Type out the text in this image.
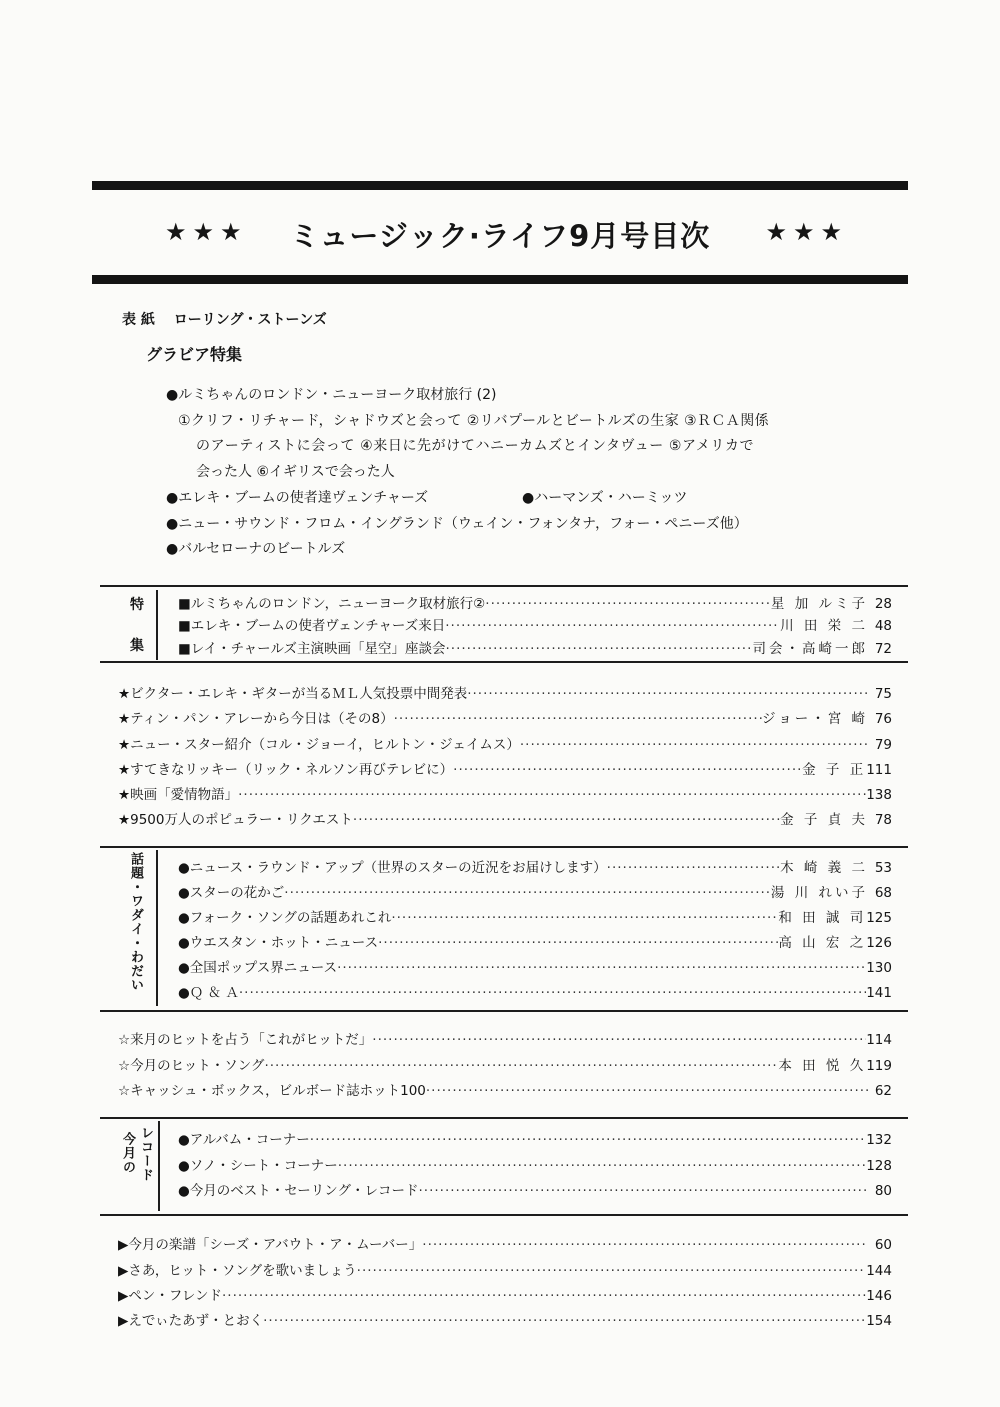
★★★ ミュージック·ライフ9月号目次 ★★★
表 紙 ローリング・ストーンズ
グラビア特集
●ルミちゃんのロンドン・ニューヨーク取材旅行 (2)
①クリフ・リチャード，シャドウズと会って ②リバプールとビートルズの生家 ③ＲＣＡ関係
のアーティストに会って ④来日に先がけてハニーカムズとインタヴュー ⑤アメリカで
会った人 ⑥イギリスで会った人
●エレキ・ブームの使者達ヴェンチャーズ	●ハーマンズ・ハーミッツ
●ニュー・サウンド・フロム・イングランド（ウェイン・フォンタナ，フォー・ペニーズ他）
●バルセローナのビートルズ
特
集
■ルミちゃんのロンドン，ニューヨーク取材旅行② ·····	星 加 ルミ子 28
■エレキ・ブームの使者ヴェンチャーズ来日 ·····	川 田 栄 二 48
■レイ・チャールズ主演映画「星空」座談会 ·····	司会・高崎一郎 72
★ビクター・エレキ・ギターが当るＭＬ人気投票中間発表 ·····	75
★ティン・パン・アレーから今日は（その8） ·····	ジョー・宮 崎 76
★ニュー・スター紹介（コル・ジョーイ，ヒルトン・ジェイムス） ·····	79
★すてきなリッキー（リック・ネルソン再びテレビに） ·····	金 子 正 111
★映画「愛情物語」 ·····	138
★9500万人のポピュラー・リクエスト ·····	金 子 貞 夫 78
話題・ワダイ・わだい	●ニュース・ラウンド・アップ（世界のスターの近況をお届けします） ·····	木 崎 義 二 53
●スターの花かご ·····	湯 川 れい子 68
●フォーク・ソングの話題あれこれ ·····	和 田 誠 司 125
●ウエスタン・ホット・ニュース ·····	高 山 宏 之 126
●全国ポップス界ニュース ·····	130
●Ｑ ＆ Ａ ·····	141
☆来月のヒットを占う「これがヒットだ」 ·····	114
☆今月のヒット・ソング ·····	本 田 悦 久 119
☆キャッシュ・ボックス，ビルボード誌ホット100 ·····	62
今月の レコード ●アルバム・コーナー ·····	132
●ソノ・シート・コーナー ·····	128
●今月のベスト・セーリング・レコード ·····	80
▶今月の楽譜「シーズ・アバウト・ア・ムーバー」 ·····	60
▶さあ，ヒット・ソングを歌いましょう ·····	144
▶ペン・フレンド ·····	146
▶えでぃたあず・とおく ·····	154
